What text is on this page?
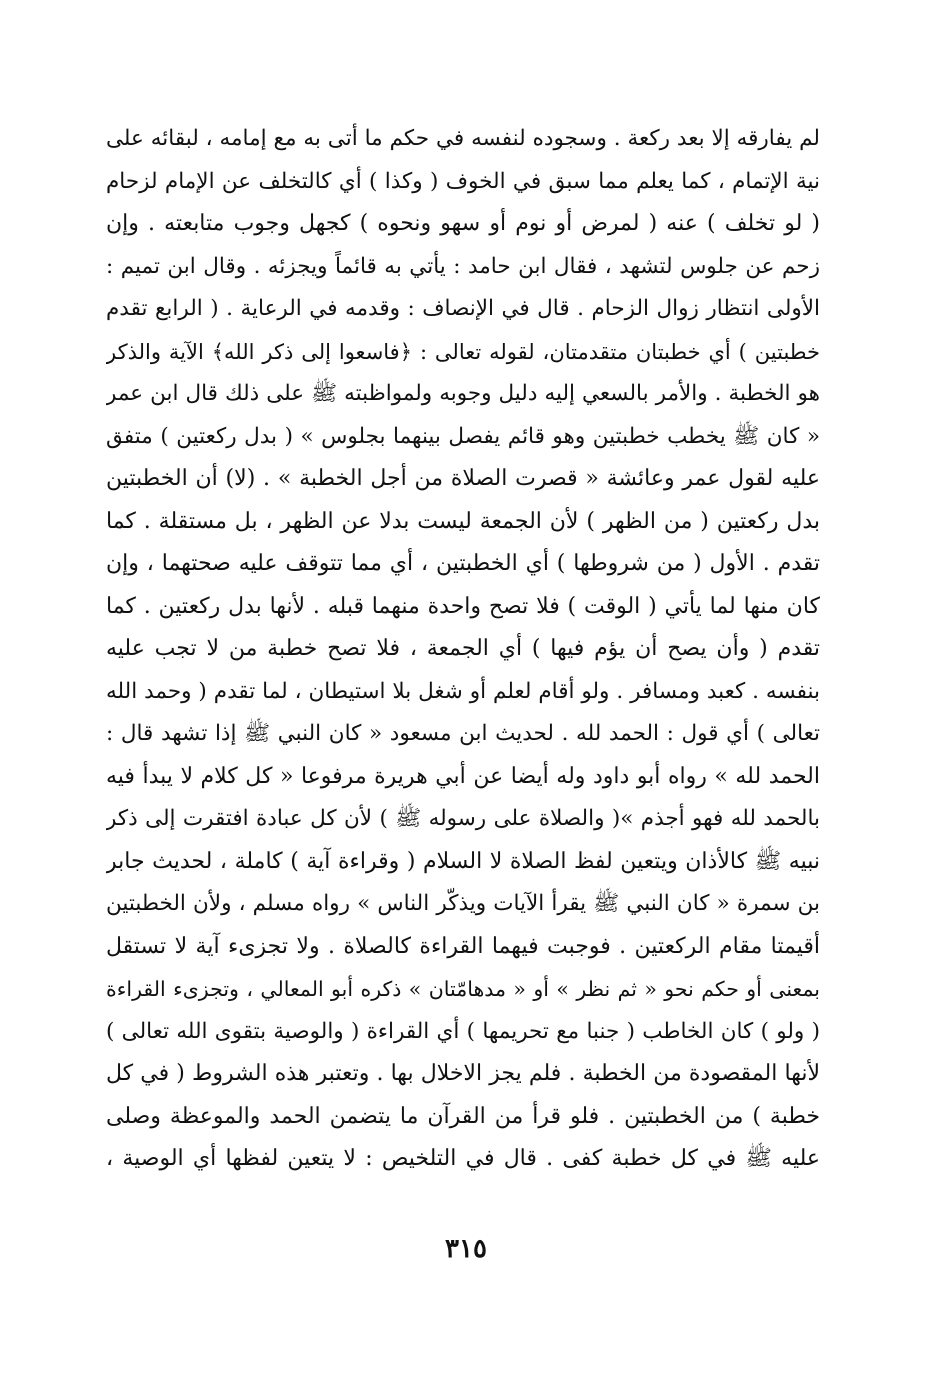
لم يفارقه إلا بعد ركعة . وسجوده لنفسه في حكم ما أتى به مع إمامه ، لبقائه على
نية الإتمام ، كما يعلم مما سبق في الخوف ( وكذا ) أي كالتخلف عن الإمام لزحام
( لو تخلف ) عنه ( لمرض أو نوم أو سهو ونحوه ) كجهل وجوب متابعته . وإن
زحم عن جلوس لتشهد ، فقال ابن حامد : يأتي به قائماً ويجزئه . وقال ابن تميم :
الأولى انتظار زوال الزحام . قال في الإنصاف : وقدمه في الرعاية . ( الرابع تقدم
خطبتين ) أي خطبتان متقدمتان، لقوله تعالى : ﴿فاسعوا إلى ذكر الله﴾ الآية والذكر
هو الخطبة . والأمر بالسعي إليه دليل وجوبه ولمواظبته ﷺ على ذلك قال ابن عمر
« كان ﷺ يخطب خطبتين وهو قائم يفصل بينهما بجلوس » ( بدل ركعتين ) متفق
عليه لقول عمر وعائشة « قصرت الصلاة من أجل الخطبة » . (لا) أن الخطبتين
بدل ركعتين ( من الظهر ) لأن الجمعة ليست بدلا عن الظهر ، بل مستقلة . كما
تقدم . الأول ( من شروطها ) أي الخطبتين ، أي مما تتوقف عليه صحتهما ، وإن
كان منها لما يأتي ( الوقت ) فلا تصح واحدة منهما قبله . لأنها بدل ركعتين . كما
تقدم ( وأن يصح أن يؤم فيها ) أي الجمعة ، فلا تصح خطبة من لا تجب عليه
بنفسه . كعبد ومسافر . ولو أقام لعلم أو شغل بلا استيطان ، لما تقدم ( وحمد الله
تعالى ) أي قول : الحمد لله . لحديث ابن مسعود « كان النبي ﷺ إذا تشهد قال :
الحمد لله » رواه أبو داود وله أيضا عن أبي هريرة مرفوعا « كل كلام لا يبدأ فيه
بالحمد لله فهو أجذم »( والصلاة على رسوله ﷺ ) لأن كل عبادة افتقرت إلى ذكر
نبيه ﷺ كالأذان ويتعين لفظ الصلاة لا السلام ( وقراءة آية ) كاملة ، لحديث جابر
بن سمرة « كان النبي ﷺ يقرأ الآيات ويذكّر الناس » رواه مسلم ، ولأن الخطبتين
أقيمتا مقام الركعتين . فوجبت فيهما القراءة كالصلاة . ولا تجزىء آية لا تستقل
بمعنى أو حكم نحو « ثم نظر » أو « مدهامّتان » ذكره أبو المعالي ، وتجزىء القراءة
( ولو ) كان الخاطب ( جنبا مع تحريمها ) أي القراءة ( والوصية بتقوى الله تعالى )
لأنها المقصودة من الخطبة . فلم يجز الاخلال بها . وتعتبر هذه الشروط ( في كل
خطبة ) من الخطبتين . فلو قرأ من القرآن ما يتضمن الحمد والموعظة وصلى
عليه ﷺ في كل خطبة كفى . قال في التلخيص : لا يتعين لفظها أي الوصية ،
٣١٥
